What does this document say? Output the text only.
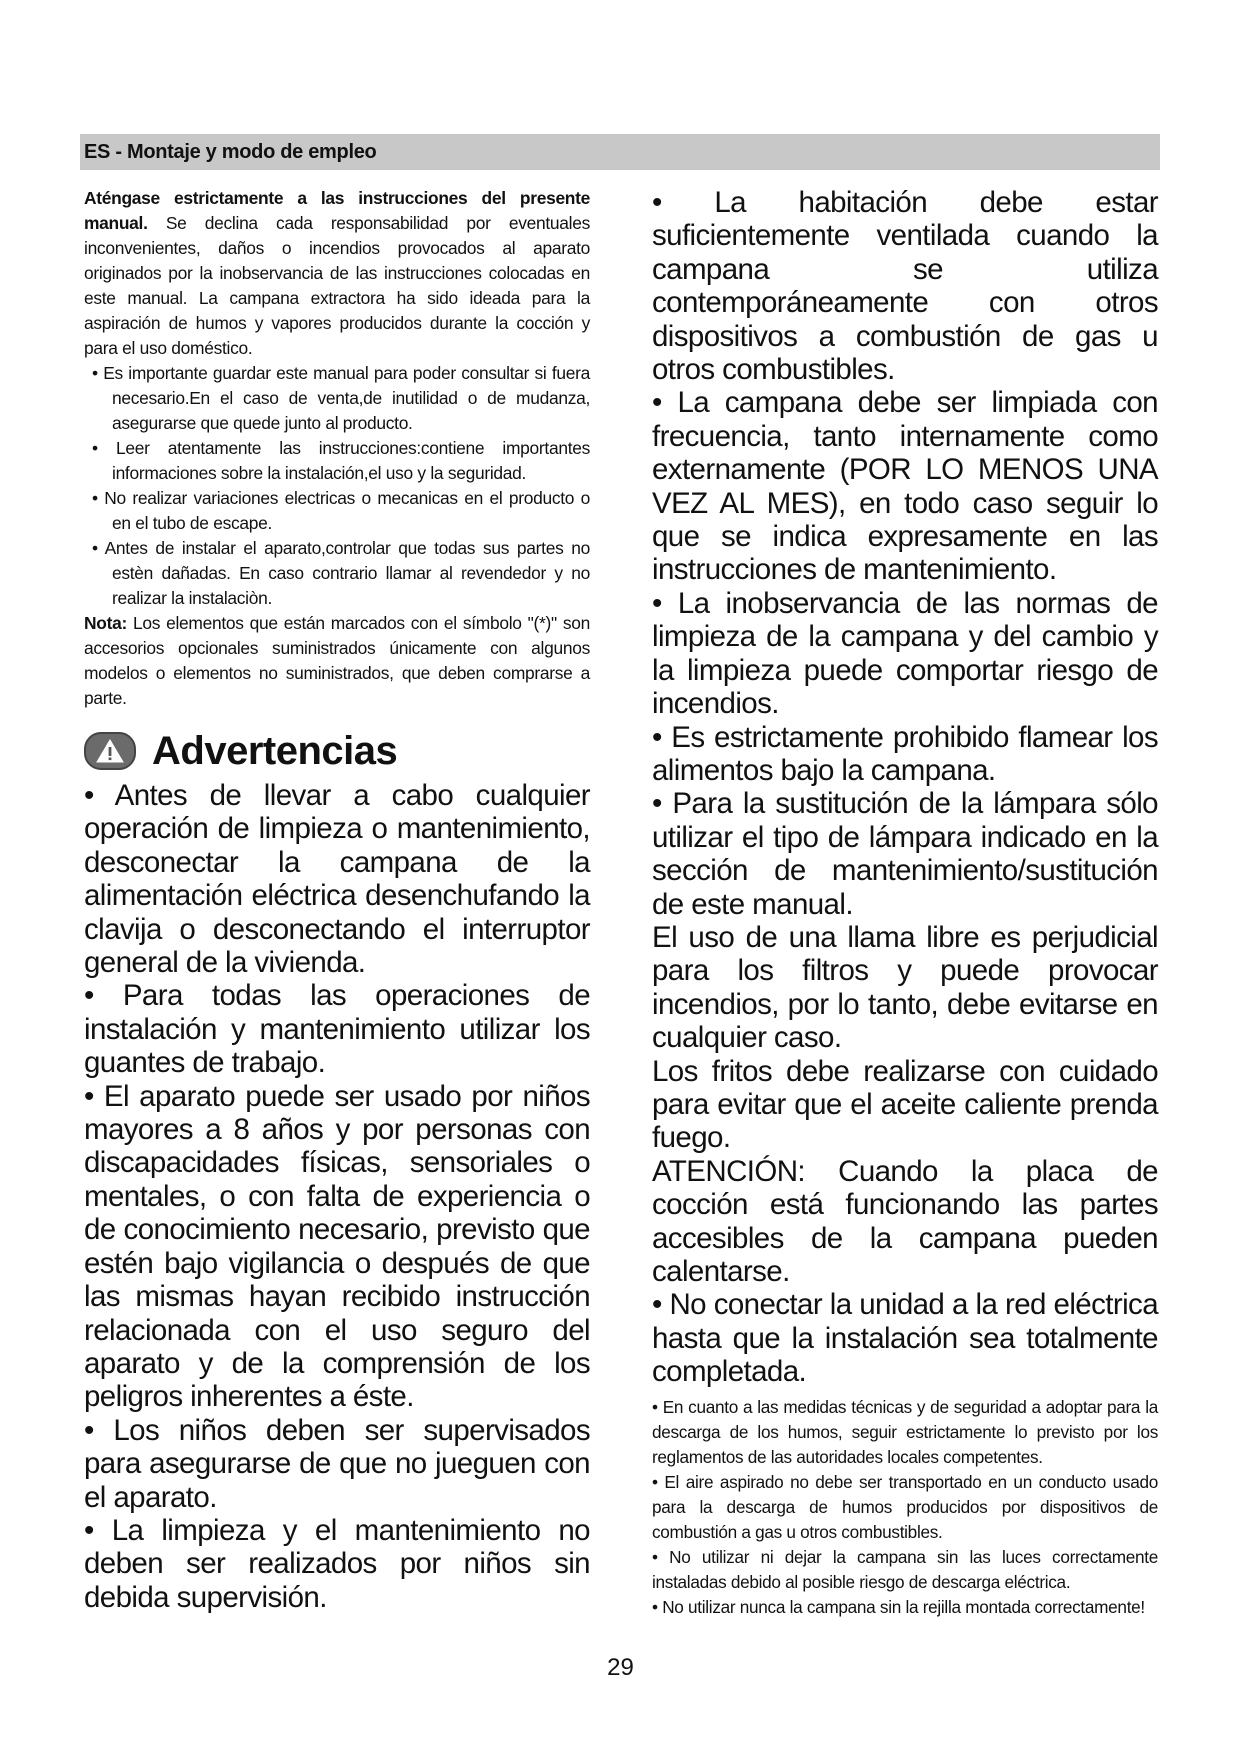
ES - Montaje y modo de empleo

Aténgase estrictamente a las instrucciones del presente manual. Se declina cada responsabilidad por eventuales inconvenientes, daños o incendios provocados al aparato originados por la inobservancia de las instrucciones colocadas en este manual. La campana extractora ha sido ideada para la aspiración de humos y vapores producidos durante la cocción y para el uso doméstico.

• Es importante guardar este manual para poder consultar si fuera necesario.En el caso de venta,de inutilidad o de mudanza, asegurarse que quede junto al producto.

• Leer atentamente las instrucciones:contiene importantes informaciones sobre la instalación,el uso y la seguridad.

• No realizar variaciones electricas o mecanicas en el producto o en el tubo de escape.

• Antes de instalar el aparato,controlar que todas sus partes no estèn dañadas. En caso contrario llamar al revendedor y no realizar la instalaciòn.

Nota: Los elementos que están marcados con el símbolo "(*)" son accesorios opcionales suministrados únicamente con algunos modelos o elementos no suministrados, que deben comprarse a parte.

Advertencias

• Antes de llevar a cabo cualquier operación de limpieza o mantenimiento, desconectar la campana de la alimentación eléctrica desenchufando la clavija o desconectando el interruptor general de la vivienda.

• Para todas las operaciones de instalación y mantenimiento utilizar los guantes de trabajo.

• El aparato puede ser usado por niños mayores a 8 años y por personas con discapacidades físicas, sensoriales o mentales, o con falta de experiencia o de conocimiento necesario, previsto que estén bajo vigilancia o después de que las mismas hayan recibido instrucción relacionada con el uso seguro del aparato y de la comprensión de los peligros inherentes a éste.

• Los niños deben ser supervisados para asegurarse de que no jueguen con el aparato.

• La limpieza y el mantenimiento no deben ser realizados por niños sin debida supervisión.

• La habitación debe estar suficientemente ventilada cuando la campana se utiliza contemporáneamente con otros dispositivos a combustión de gas u otros combustibles.

• La campana debe ser limpiada con frecuencia, tanto internamente como externamente (POR LO MENOS UNA VEZ AL MES), en todo caso seguir lo que se indica expresamente en las instrucciones de mantenimiento.

• La inobservancia de las normas de limpieza de la campana y del cambio y la limpieza puede comportar riesgo de incendios.

• Es estrictamente prohibido flamear los alimentos bajo la campana.

• Para la sustitución de la lámpara sólo utilizar el tipo de lámpara indicado en la sección de mantenimiento/sustitución de este manual.

El uso de una llama libre es perjudicial para los filtros y puede provocar incendios, por lo tanto, debe evitarse en cualquier caso.

Los fritos debe realizarse con cuidado para evitar que el aceite caliente prenda fuego.

ATENCIÓN: Cuando la placa de cocción está funcionando las partes accesibles de la campana pueden calentarse.

• No conectar la unidad a la red eléctrica hasta que la instalación sea totalmente completada.

• En cuanto a las medidas técnicas y de seguridad a adoptar para la descarga de los humos, seguir estrictamente lo previsto por los reglamentos de las autoridades locales competentes.

• El aire aspirado no debe ser transportado en un conducto usado para la descarga de humos producidos por dispositivos de combustión a gas u otros combustibles.

• No utilizar ni dejar la campana sin las luces correctamente instaladas debido al posible riesgo de descarga eléctrica.

• No utilizar nunca la campana sin la rejilla montada correctamente!

29
